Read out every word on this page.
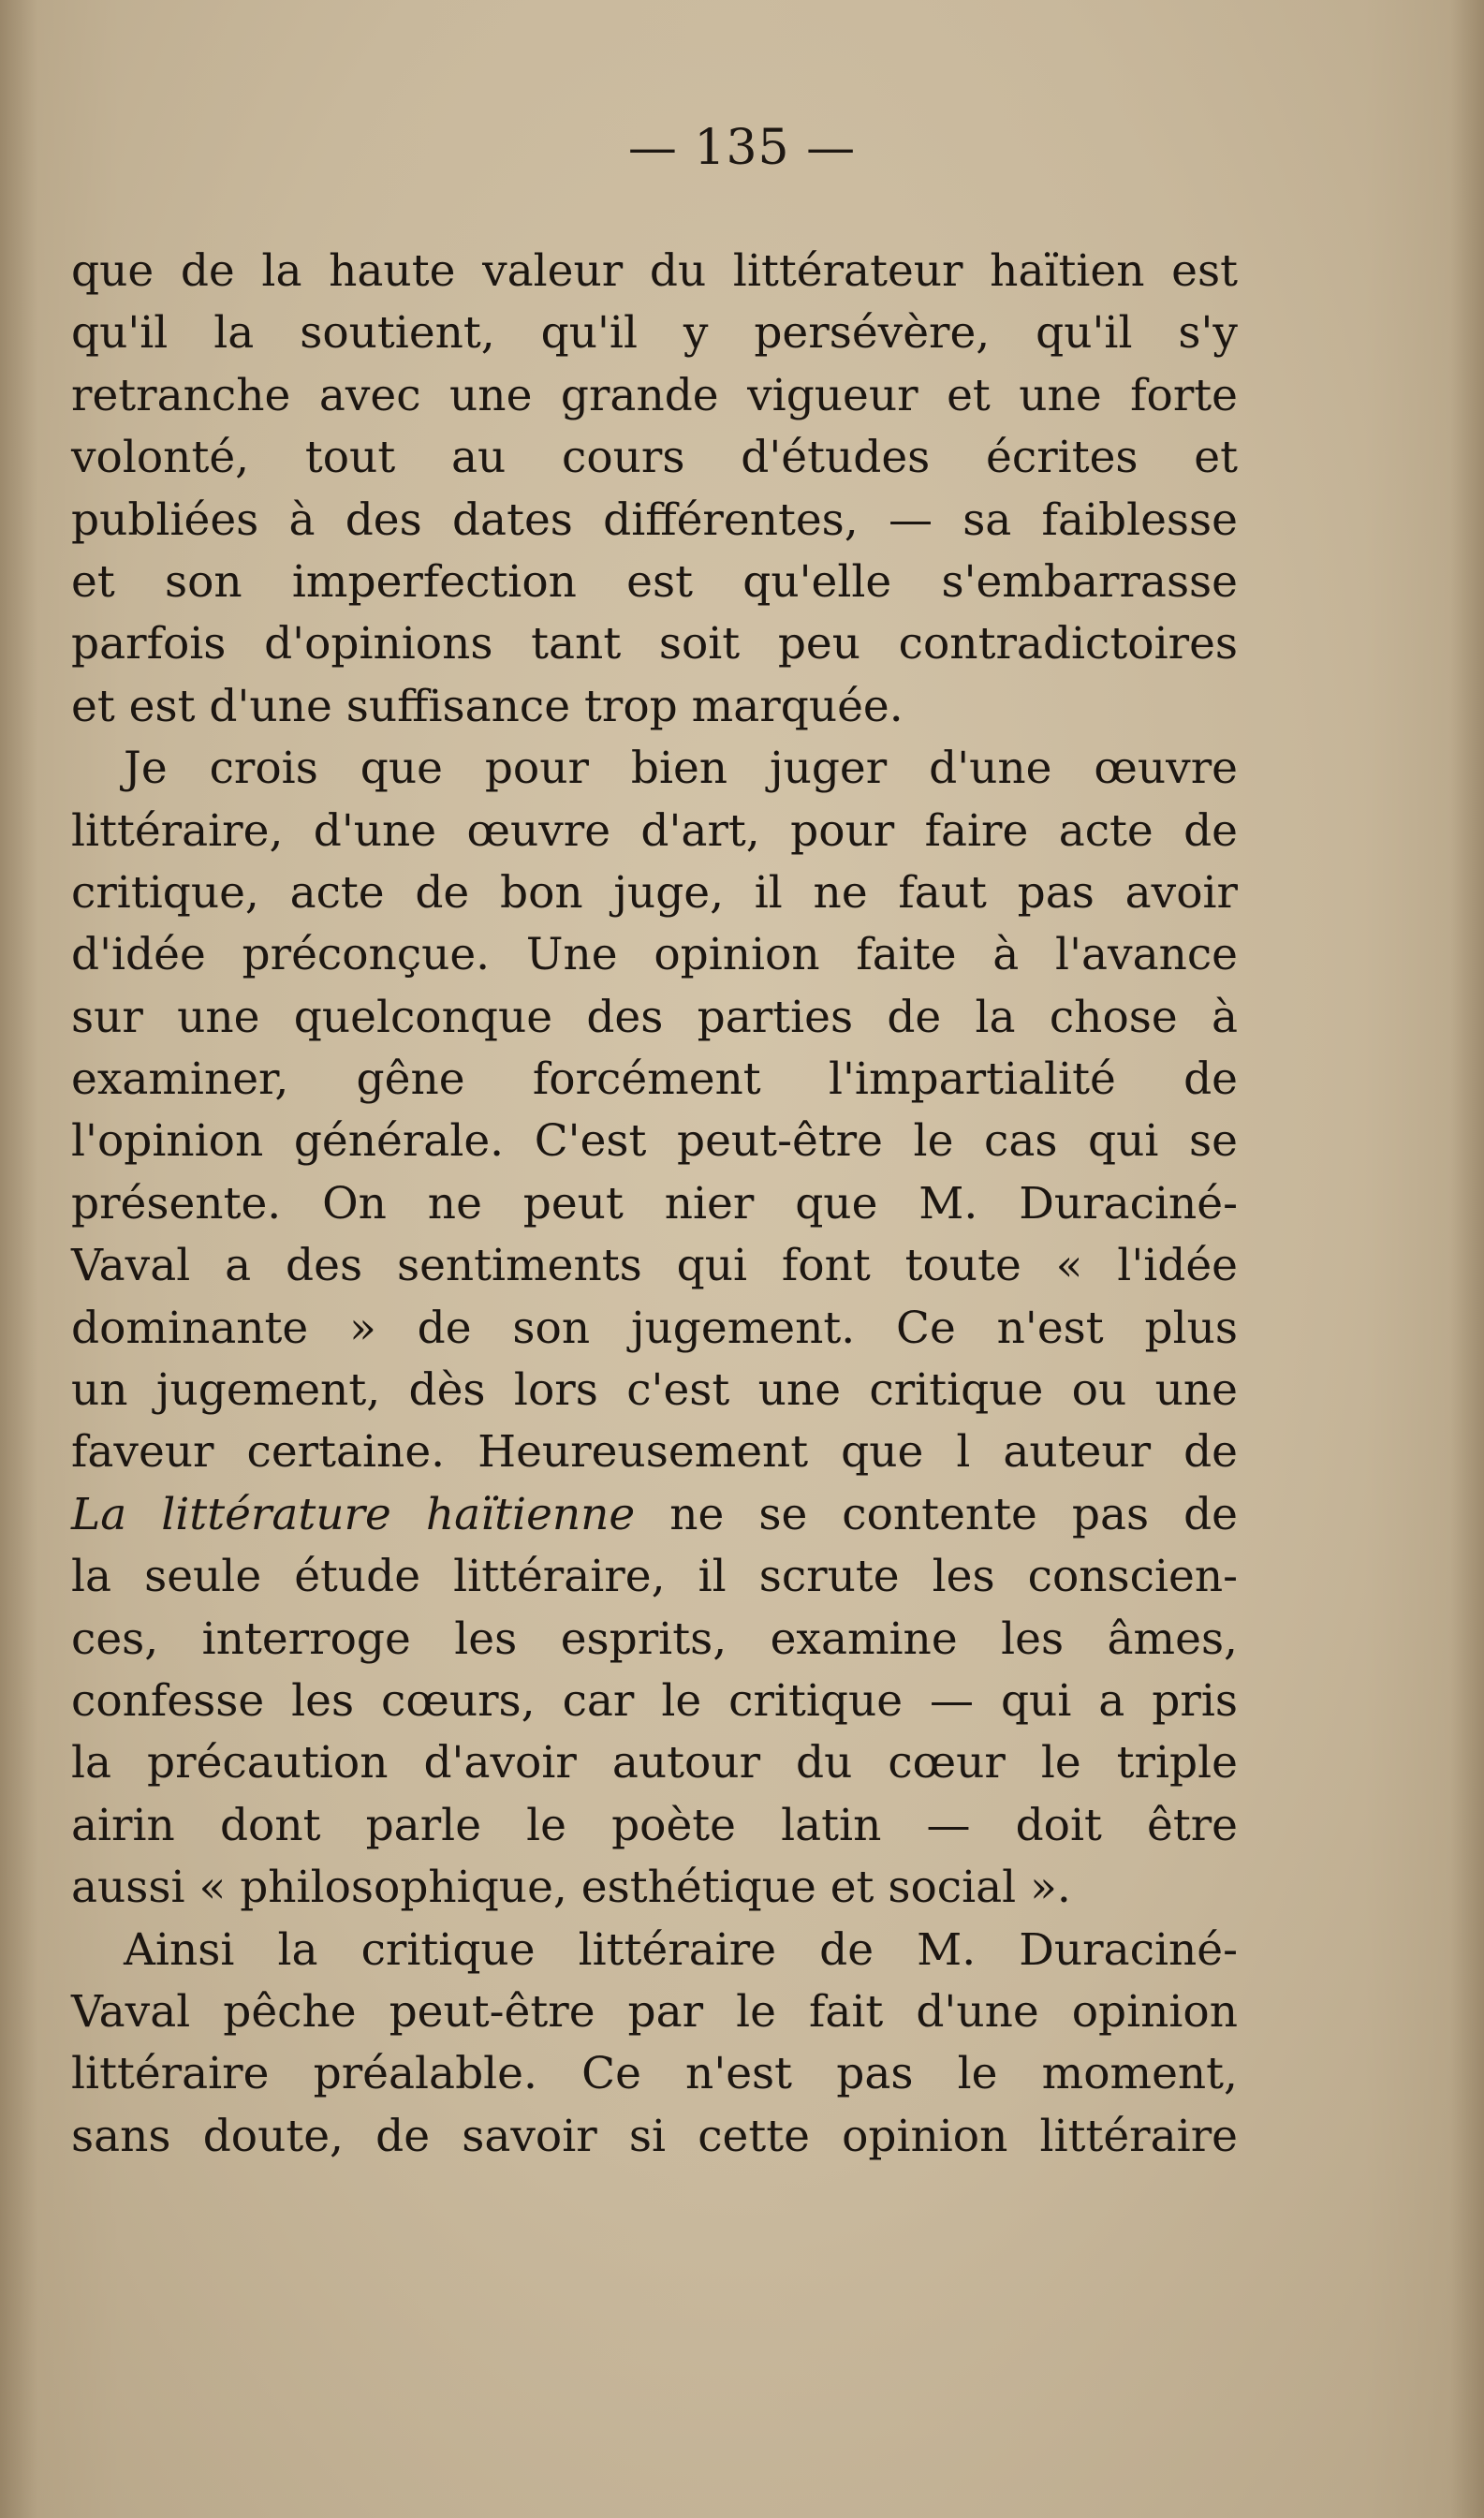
— 135 —
que de la haute valeur du littérateur haïtien est
qu'il la soutient, qu'il y persévère, qu'il s'y
retranche avec une grande vigueur et une forte
volonté, tout au cours d'études écrites et
publiées à des dates différentes, — sa faiblesse
et son imperfection est qu'elle s'embarrasse
parfois d'opinions tant soit peu contradictoires
et est d'une suffisance trop marquée.
Je crois que pour bien juger d'une œuvre
littéraire, d'une œuvre d'art, pour faire acte de
critique, acte de bon juge, il ne faut pas avoir
d'idée préconçue. Une opinion faite à l'avance
sur une quelconque des parties de la chose à
examiner, gêne forcément l'impartialité de
l'opinion générale. C'est peut-être le cas qui se
présente. On ne peut nier que M. Duraciné-
Vaval a des sentiments qui font toute « l'idée
dominante » de son jugement. Ce n'est plus
un jugement, dès lors c'est une critique ou une
faveur certaine. Heureusement que l auteur de
La littérature haïtienne ne se contente pas de
la seule étude littéraire, il scrute les conscien-
ces, interroge les esprits, examine les âmes,
confesse les cœurs, car le critique — qui a pris
la précaution d'avoir autour du cœur le triple
airin dont parle le poète latin — doit être
aussi « philosophique, esthétique et social ».
Ainsi la critique littéraire de M. Duraciné-
Vaval pêche peut-être par le fait d'une opinion
littéraire préalable. Ce n'est pas le moment,
sans doute, de savoir si cette opinion littéraire
